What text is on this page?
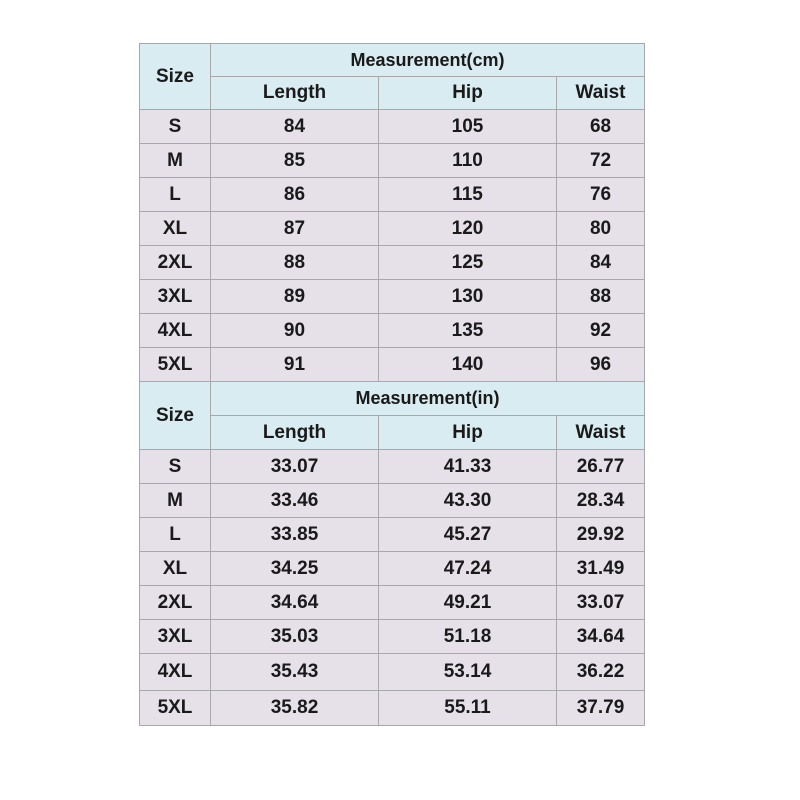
Size	Measurement(cm)		
	Length	Hip	Waist
S	84	105	68
M	85	110	72
L	86	115	76
XL	87	120	80
2XL	88	125	84
3XL	89	130	88
4XL	90	135	92
5XL	91	140	96
Size	Measurement(in)		
	Length	Hip	Waist
S	33.07	41.33	26.77
M	33.46	43.30	28.34
L	33.85	45.27	29.92
XL	34.25	47.24	31.49
2XL	34.64	49.21	33.07
3XL	35.03	51.18	34.64
4XL	35.43	53.14	36.22
5XL	35.82	55.11	37.79
